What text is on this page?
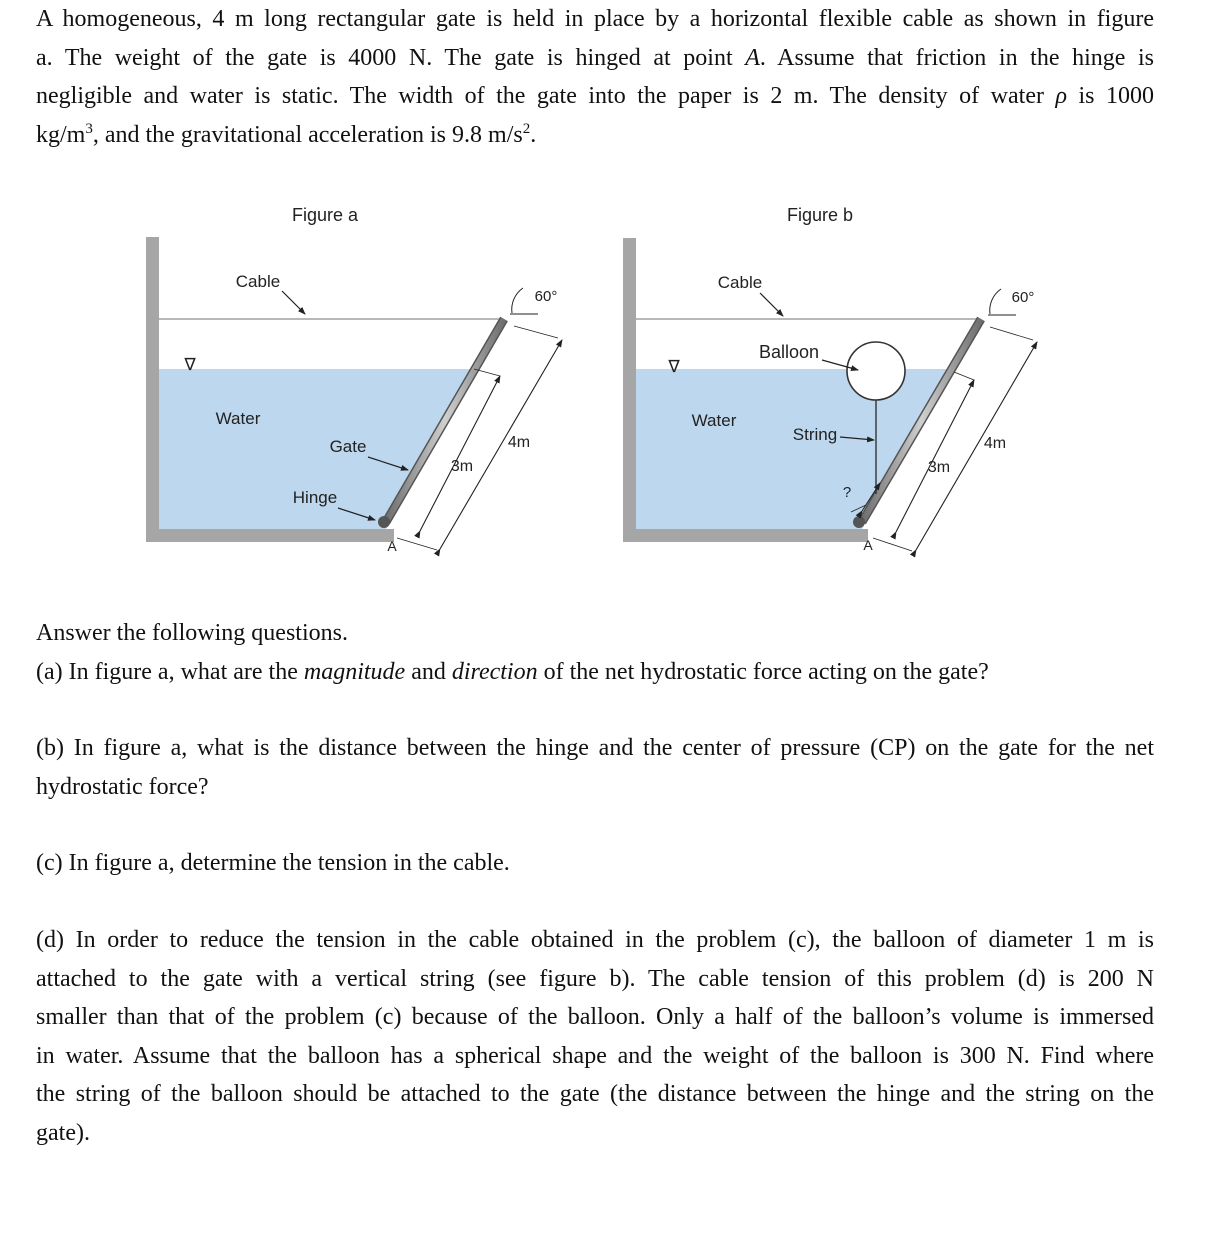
A homogeneous, 4 m long rectangular gate is held in place by a horizontal flexible cable as shown in figure
a. The weight of the gate is 4000 N. The gate is hinged at point A. Assume that friction in the hinge is
negligible and water is static. The width of the gate into the paper is 2 m. The density of water ρ is 1000
$kg/m^3$, and the gravitational acceleration is 9.8 $m/s^2$.
Figure a
∇
Cable
Water
Gate
Hinge
A
60°
4m
3m
Figure b
∇
Cable
Balloon
Water
String
?
A
60°
4m
3m
Answer the following questions.
(a) In figure a, what are the magnitude and direction of the net hydrostatic force acting on the gate?
(b) In figure a, what is the distance between the hinge and the center of pressure (CP) on the gate for the net
hydrostatic force?
(c) In figure a, determine the tension in the cable.
(d) In order to reduce the tension in the cable obtained in the problem (c), the balloon of diameter 1 m is
attached to the gate with a vertical string (see figure b). The cable tension of this problem (d) is 200 N
smaller than that of the problem (c) because of the balloon. Only a half of the balloon’s volume is immersed
in water. Assume that the balloon has a spherical shape and the weight of the balloon is 300 N. Find where
the string of the balloon should be attached to the gate (the distance between the hinge and the string on the
gate).
